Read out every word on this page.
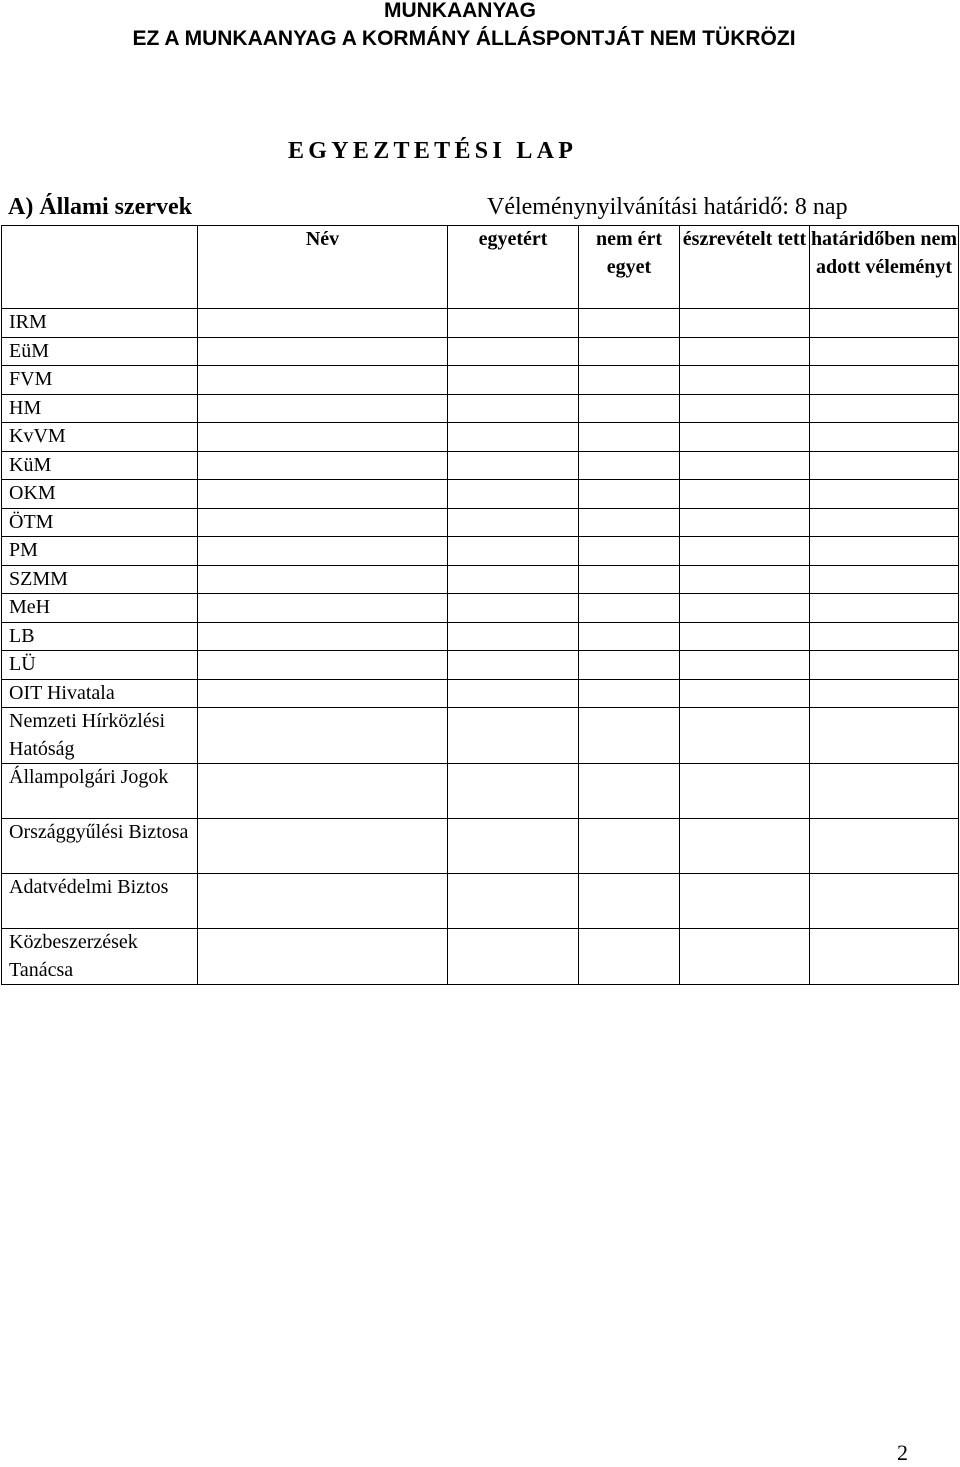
MUNKAANYAG
EZ A MUNKAANYAG A KORMÁNY ÁLLÁSPONTJÁT NEM TÜKRÖZI
EGYEZTETÉSI LAP
A) Állami szervek	Véleménynyilvánítási határidő: 8 nap
	Név	egyetért	nem ért egyet	észrevételt tett	határidőben nem adott véleményt
IRM					
EüM					
FVM					
HM					
KvVM					
KüM					
OKM					
ÖTM					
PM					
SZMM					
MeH					
LB					
LÜ					
OIT Hivatala					
Nemzeti Hírközlési Hatóság					
Állampolgári Jogok					
Országgyűlési Biztosa					
Adatvédelmi Biztos					
Közbeszerzések Tanácsa					
2
